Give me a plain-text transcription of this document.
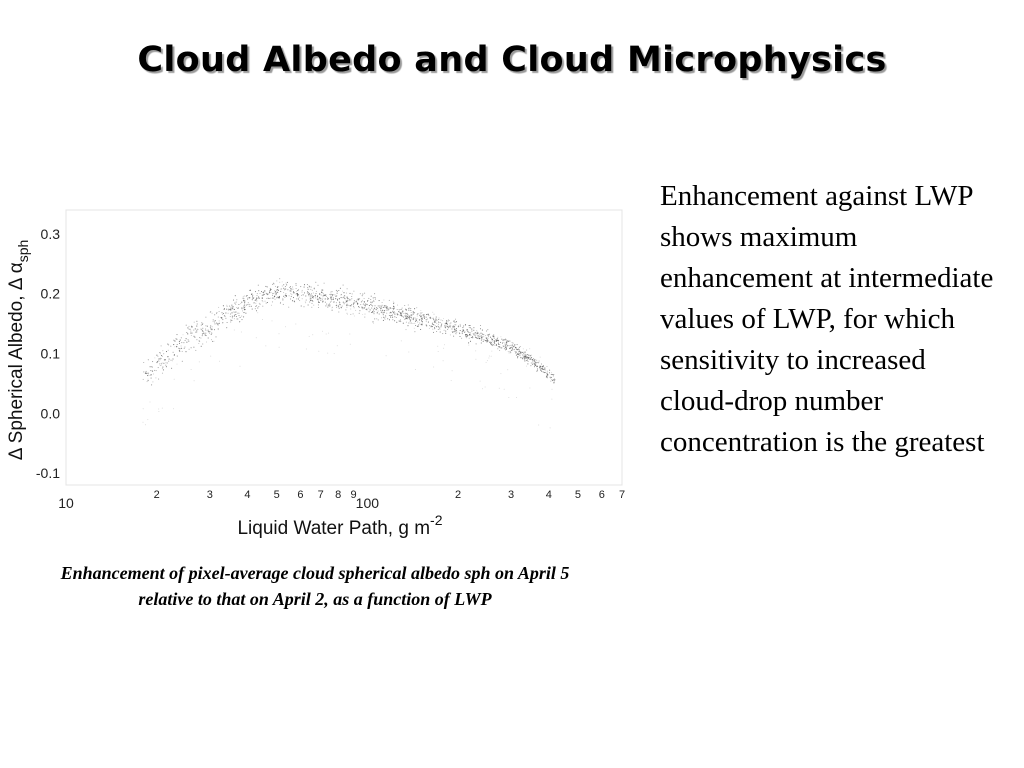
Cloud Albedo and Cloud Microphysics
-0.1
0.0
0.1
0.2
0.3
10	2	3	4 5 6 7 8 9 100	2	3	4 5 6 7
Liquid Water Path, g $m^{-2}$
Δ Spherical Albedo, Δ $\alpha_{sph}$
Enhancement of pixel-average cloud spherical albedo sph on April 5 relative to that on April 2, as a function of LWP
Enhancement against LWP shows maximum enhancement at intermediate values of LWP, for which sensitivity to increased cloud-drop number concentration is the greatest
